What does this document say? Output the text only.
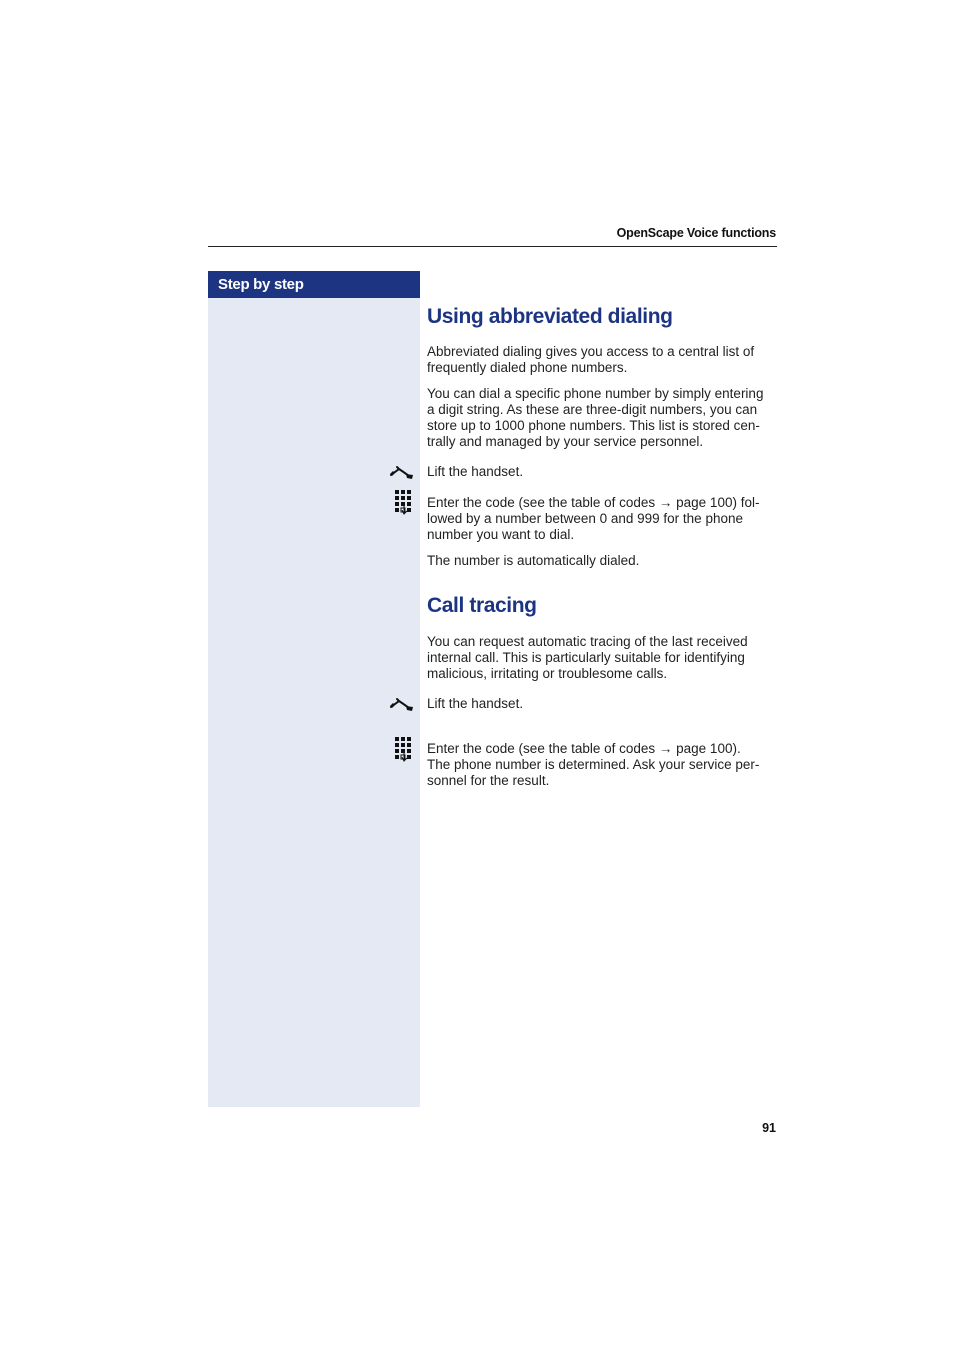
OpenScape Voice functions
Step by step
Using abbreviated dialing
Abbreviated dialing gives you access to a central list of
frequently dialed phone numbers.
You can dial a specific phone number by simply entering
a digit string. As these are three-digit numbers, you can
store up to 1000 phone numbers. This list is stored cen-
trally and managed by your service personnel.
Lift the handset.
Enter the code (see the table of codes → page 100) fol-
lowed by a number between 0 and 999 for the phone
number you want to dial.
The number is automatically dialed.
Call tracing
You can request automatic tracing of the last received
internal call. This is particularly suitable for identifying
malicious, irritating or troublesome calls.
Lift the handset.
Enter the code (see the table of codes → page 100).
The phone number is determined. Ask your service per-
sonnel for the result.
91
